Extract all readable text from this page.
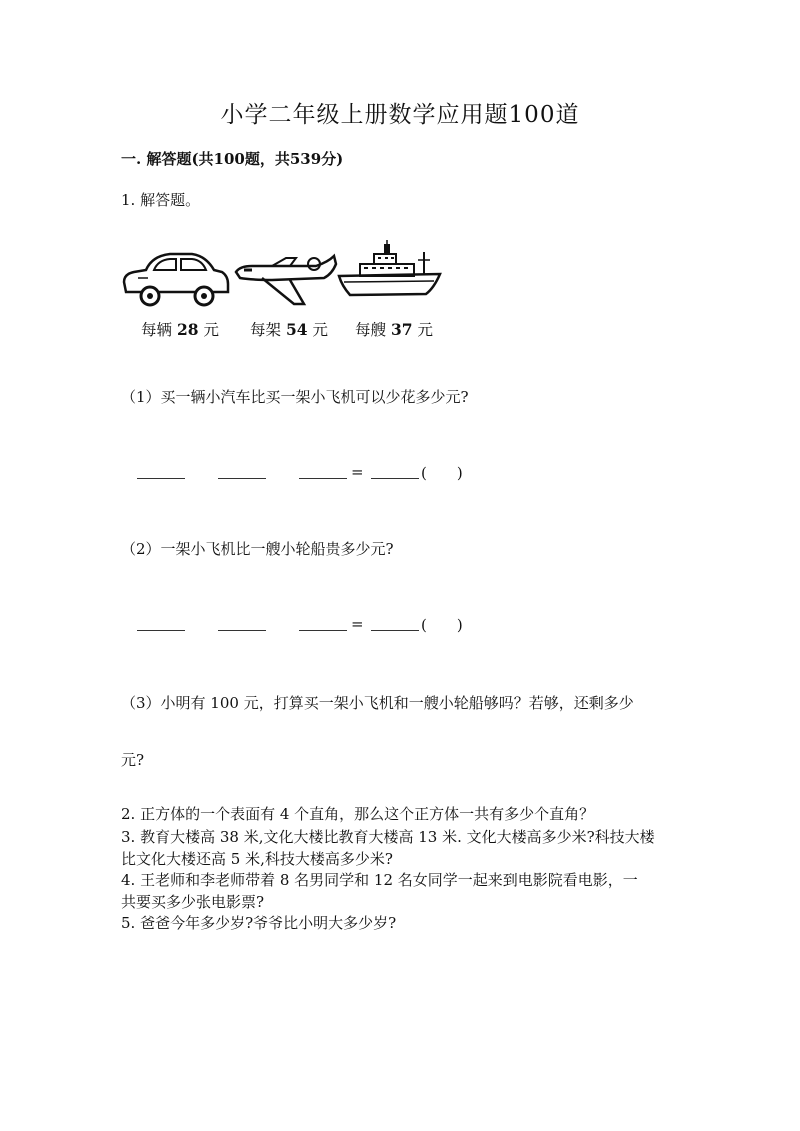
小学二年级上册数学应用题100道
一. 解答题(共100题，共539分)
1. 解答题。
每辆 28 元 每架 54 元 每艘 37 元
（1）买一辆小汽车比买一架小飞机可以少花多少元?
=	(　　)
（2）一架小飞机比一艘小轮船贵多少元?
=	(　　)
（3）小明有 100 元，打算买一架小飞机和一艘小轮船够吗？若够，还剩多少
元?
2. 正方体的一个表面有 4 个直角，那么这个正方体一共有多少个直角？
3. 教育大楼高 38 米,文化大楼比教育大楼高 13 米. 文化大楼高多少米?科技大楼
比文化大楼还高 5 米,科技大楼高多少米?
4. 王老师和李老师带着 8 名男同学和 12 名女同学一起来到电影院看电影，一
共要买多少张电影票?
5. 爸爸今年多少岁?爷爷比小明大多少岁?
